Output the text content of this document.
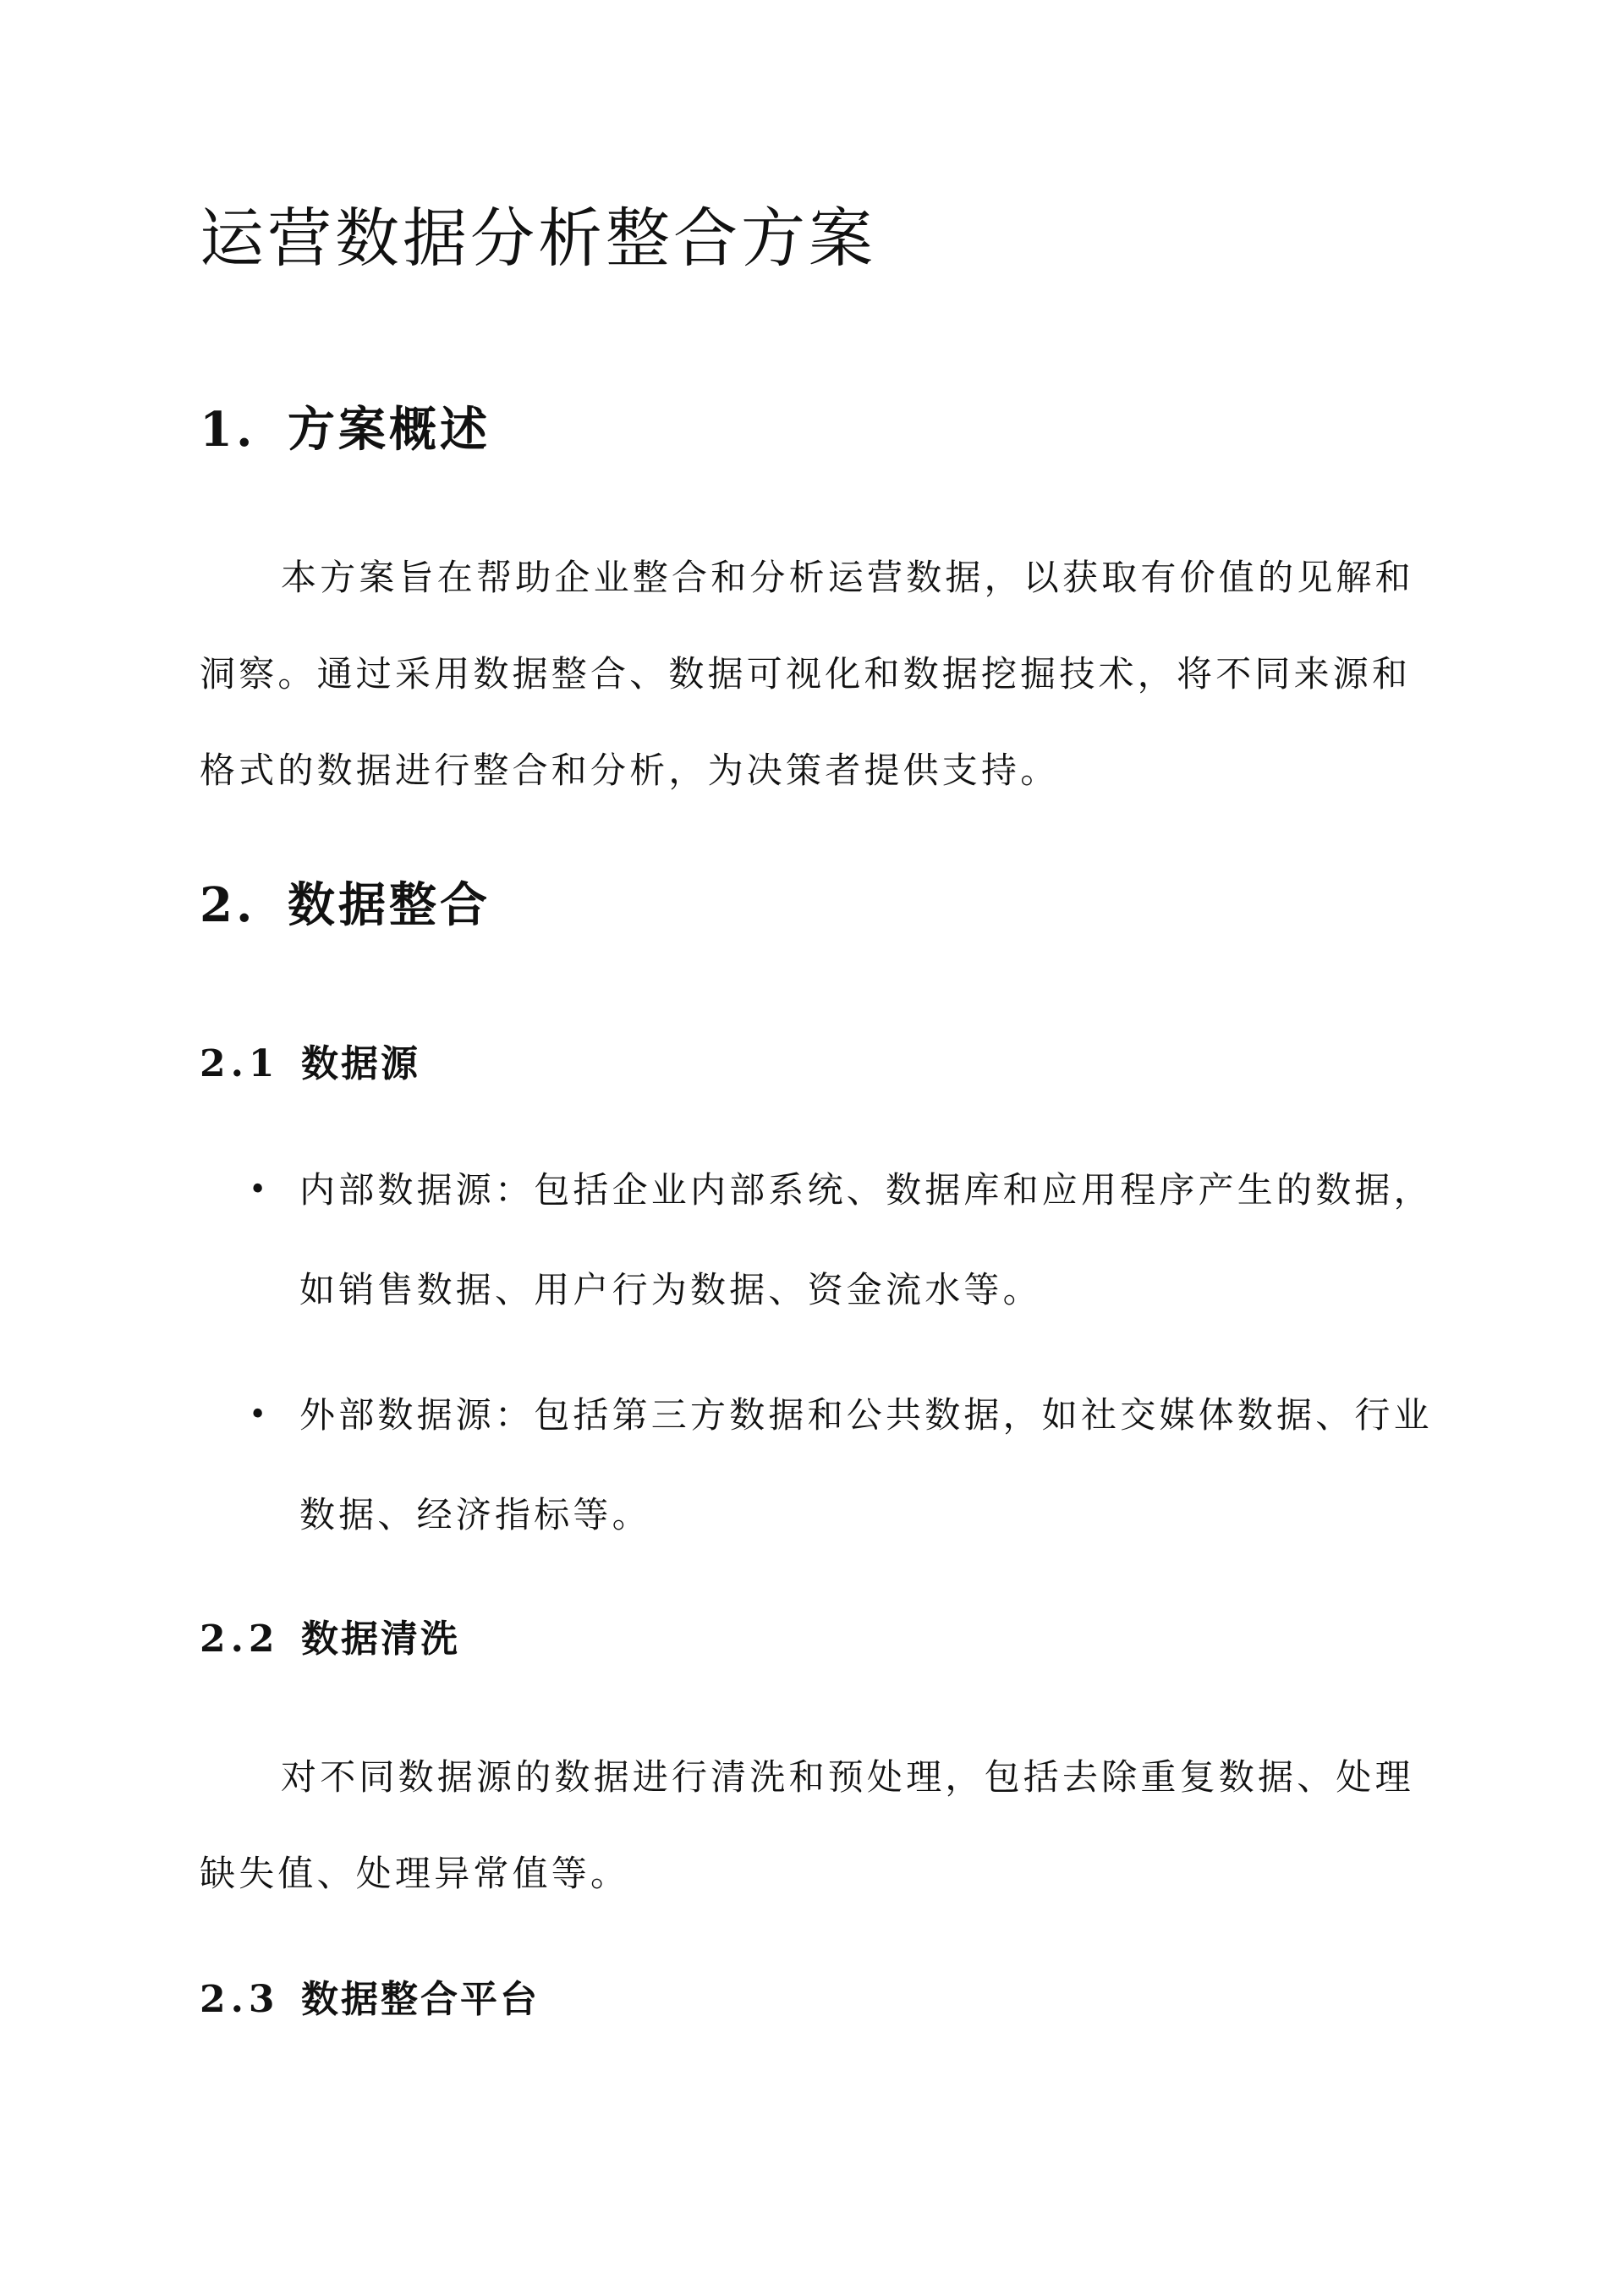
运营数据分析整合方案
1. 方案概述

本方案旨在帮助企业整合和分析运营数据，以获取有价值的见解和洞察。通过采用数据整合、数据可视化和数据挖掘技术，将不同来源和格式的数据进行整合和分析，为决策者提供支持。

2. 数据整合
2.1 数据源
• 内部数据源：包括企业内部系统、数据库和应用程序产生的数据，如销售数据、用户行为数据、资金流水等。
• 外部数据源：包括第三方数据和公共数据，如社交媒体数据、行业数据、经济指标等。
2.2 数据清洗

对不同数据源的数据进行清洗和预处理，包括去除重复数据、处理缺失值、处理异常值等。

2.3 数据整合平台
